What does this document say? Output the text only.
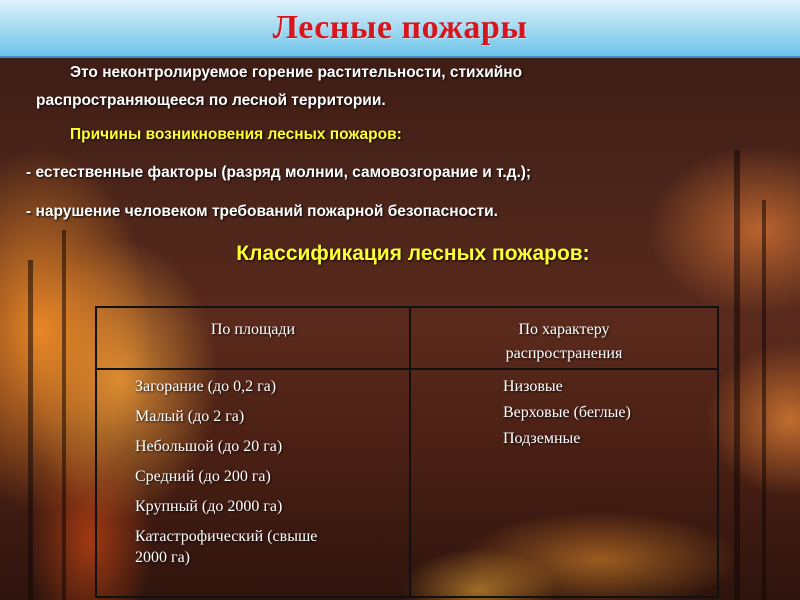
Лесные пожары
Это неконтролируемое горение растительности, стихийно
распространяющееся по лесной территории.
Причины возникновения лесных пожаров:
- естественные факторы (разряд молнии, самовозгорание и т.д.);
- нарушение человеком требований пожарной безопасности.
Классификация лесных пожаров:
По площади	По характеру распространения
Загорание (до 0,2 га)
Малый (до 2 га)
Небольшой (до 20 га)
Средний (до 200 га)
Крупный (до 2000 га)
Катастрофический (свыше 2000 га)
Низовые
Верховые (беглые)
Подземные
